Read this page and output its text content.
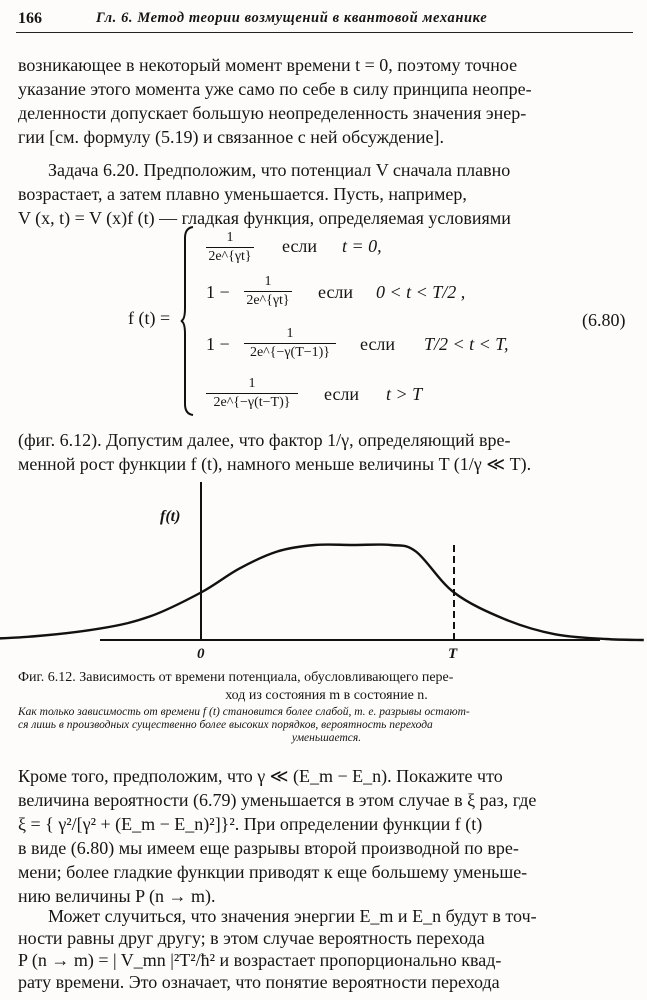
166	Гл. 6. Метод теории возмущений в квантовой механике
возникающее в некоторый момент времени t = 0, поэтому точное
указание этого момента уже само по себе в силу принципа неопре-
деленности допускает большую неопределенность значения энер-
гии [см. формулу (5.19) и связанное с ней обсуждение].
Задача 6.20. Предположим, что потенциал V сначала плавно
возрастает, а затем плавно уменьшается. Пусть, например,
V (x, t) = V (x)f (t) — гладкая функция, определяемая условиями
f (t) =
1
2e^{γt}
если t = 0,
1 −
1
2e^{γt} если 0 < t < T/2 ,
(6.80)
1 −
1
2e^{−γ(T−1)}	если T/2 < t < T,
1
2e^{−γ(t−T)}	если t > T
(фиг. 6.12). Допустим далее, что фактор 1/γ, определяющий вре-
менной рост функции f (t), намного меньше величины T (1/γ ≪ T).
f(t)
0	T
Фиг. 6.12. Зависимость от времени потенциала, обусловливающего пере-
ход из состояния m в состояние n.
Как только зависимость от времени f (t) становится более слабой, т. е. разрывы остают-
ся лишь в производных существенно более высоких порядков, вероятность перехода
уменьшается.
Кроме того, предположим, что γ ≪ (E_m − E_n). Покажите что
величина вероятности (6.79) уменьшается в этом случае в ξ раз, где
ξ = { γ²/[γ² + (E_m − E_n)²]}². При определении функции f (t)
в виде (6.80) мы имеем еще разрывы второй производной по вре-
мени; более гладкие функции приводят к еще большему уменьше-
нию величины P (n → m).
Может случиться, что значения энергии E_m и E_n будут в точ-
ности равны друг другу; в этом случае вероятность перехода
P (n → m) = | V_mn |²T²/ħ² и возрастает пропорционально квад-
рату времени. Это означает, что понятие вероятности перехода
